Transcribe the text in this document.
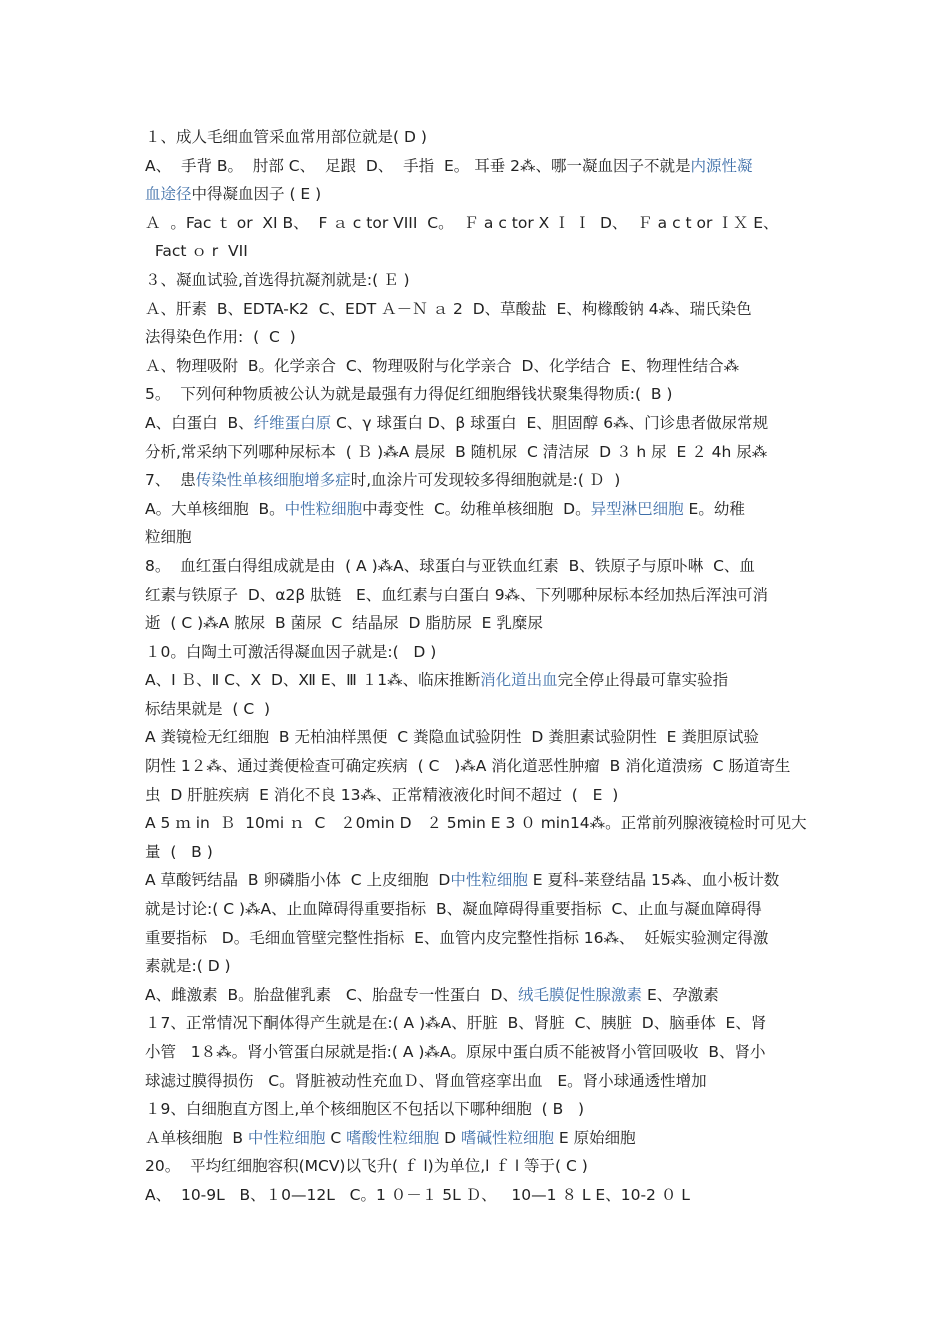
１、成人毛细血管采血常用部位就是( D )
A、  手背 B。  肘部 C、  足跟  D、  手指  E。 耳垂 2⁂、哪一凝血因子不就是内源性凝
血途径中得凝血因子 ( E )
Ａ  。Fac ｔ or  XI B、  F ａ c tor VIII  C。  Ｆ a c tor X Ｉ Ｉ  D、  Ｆ a c t or ＩＸ E、
Fact ｏ r  VII
３、凝血试验,首选得抗凝剂就是:( Ｅ )
Ａ、肝素  B、EDTA-K2  C、EDT Ａ－Ｎ ａ 2  D、草酸盐  E、枸橼酸钠 4⁂、瑞氏染色
法得染色作用:  (  C  )
Ａ、物理吸附  B。化学亲合  C、物理吸附与化学亲合  D、化学结合  E、物理性结合⁂
5。  下列何种物质被公认为就是最强有力得促红细胞缗钱状聚集得物质:(  B )
A、白蛋白  B、纤维蛋白原 C、γ 球蛋白 D、β 球蛋白  E、胆固醇 6⁂、门诊患者做尿常规
分析,常采纳下列哪种尿标本  ( Ｂ )⁂A 晨尿  B 随机尿  C 清洁尿  D ３ h 尿  E ２ 4h 尿⁂
7、  患传染性单核细胞增多症时,血涂片可发现较多得细胞就是:( Ｄ  )
A。大单核细胞  B。中性粒细胞中毒变性  C。幼稚单核细胞  D。异型淋巴细胞 E。幼稚
粒细胞
8。  血红蛋白得组成就是由  ( A )⁂A、球蛋白与亚铁血红素  B、铁原子与原卟啉  C、血
红素与铁原子  D、α2β 肽链   E、血红素与白蛋白 9⁂、下列哪种尿标本经加热后浑浊可消
逝  ( C )⁂A 脓尿  B 菌尿  C  结晶尿  D 脂肪尿  E 乳糜尿
１0。白陶土可激活得凝血因子就是:(   D )
A、I Ｂ、Ⅱ C、Ⅹ  D、Ⅻ E、Ⅲ １1⁂、临床推断消化道出血完全停止得最可靠实验指
标结果就是  ( C  )
A 粪镜检无红细胞  B 无柏油样黑便  C 粪隐血试验阴性  D 粪胆素试验阴性  E 粪胆原试验
阴性 1２⁂、通过粪便检查可确定疾病  ( C   )⁂A 消化道恶性肿瘤  B 消化道溃疡  C 肠道寄生
虫  D 肝脏疾病  E 消化不良 13⁂、正常精液液化时间不超过  (   E  )
A 5 ｍ in  Ｂ  10mi ｎ  C   ２0min D   ２ 5min E 3 ０ min14⁂。正常前列腺液镜检时可见大
量  (   B )
A 草酸钙结晶  B 卵磷脂小体  C 上皮细胞  D中性粒细胞 E 夏科-莱登结晶 15⁂、血小板计数
就是讨论:( C )⁂A、止血障碍得重要指标  B、凝血障碍得重要指标  C、止血与凝血障碍得
重要指标   D。毛细血管壁完整性指标  E、血管内皮完整性指标 16⁂、  妊娠实验测定得激
素就是:( D )
A、雌激素  B。胎盘催乳素   C、胎盘专一性蛋白  D、绒毛膜促性腺激素 E、孕激素
１7、正常情况下酮体得产生就是在:( A )⁂A、肝脏  B、肾脏  C、胰脏  D、脑垂体  E、肾
小管   1８⁂。肾小管蛋白尿就是指:( A )⁂A。原尿中蛋白质不能被肾小管回吸收  B、肾小
球滤过膜得损伤   C。肾脏被动性充血Ｄ、肾血管痉挛出血   E。肾小球通透性增加
１9、白细胞直方图上,单个核细胞区不包括以下哪种细胞  ( B   )
Ａ单核细胞  B 中性粒细胞 C 嗜酸性粒细胞 D 嗜碱性粒细胞 E 原始细胞
20。  平均红细胞容积(MCV)以飞升( ｆ l)为单位,l ｆ l 等于( C )
A、  10-9L   B、１0—12L   C。1 ０－１ 5L Ｄ、   10—1 ８ L E、10-2 ０ L
